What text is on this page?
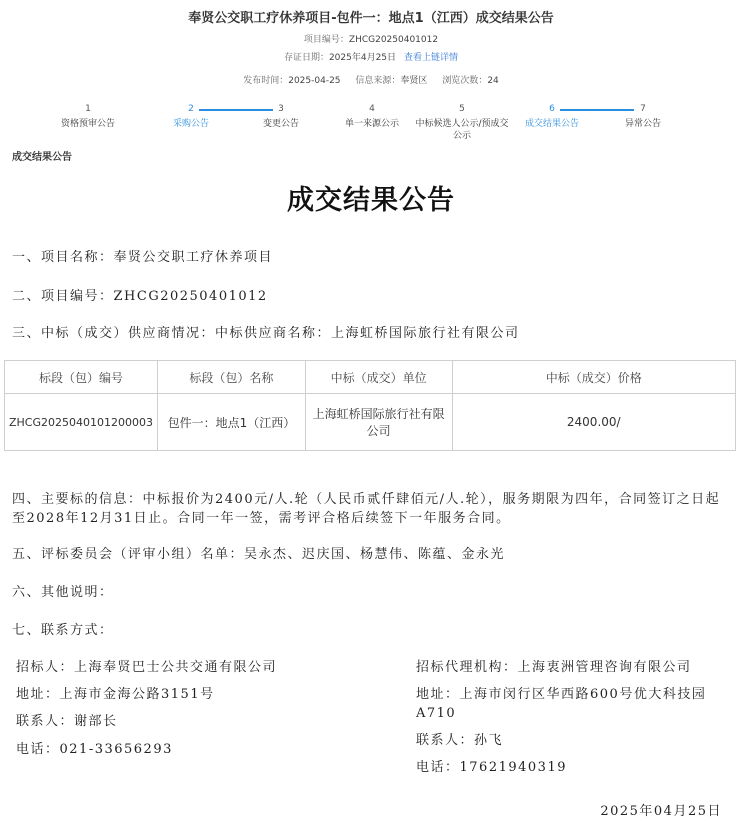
奉贤公交职工疗休养项目-包件一：地点1（江西）成交结果公告
项目编号：ZHCG20250401012
存证日期：2025年4月25日 查看上链详情
发布时间：2025-04-25 信息来源：奉贤区 浏览次数：24
1
资格预审公告
2
采购公告
3
变更公告
4
单一来源公示
5
中标候选人公示/预成交公示
6
成交结果公告
7
异常公告
成交结果公告
成交结果公告
一、项目名称：奉贤公交职工疗休养项目
二、项目编号：ZHCG20250401012
三、中标（成交）供应商情况：中标供应商名称：上海虹桥国际旅行社有限公司
标段（包）编号	标段（包）名称	中标（成交）单位	中标（成交）价格
ZHCG2025040101200003	包件一：地点1（江西）	上海虹桥国际旅行社有限公司	2400.00/
四、主要标的信息：中标报价为2400元/人.轮（人民币贰仟肆佰元/人.轮），服务期限为四年，合同签订之日起至2028年12月31日止。合同一年一签，需考评合格后续签下一年服务合同。
五、评标委员会（评审小组）名单：吴永杰、迟庆国、杨慧伟、陈蕴、金永光
六、其他说明：
七、联系方式：
招标人：上海奉贤巴士公共交通有限公司
地址：上海市金海公路3151号
联系人：谢部长
电话：021-33656293
招标代理机构：上海衷洲管理咨询有限公司
地址：上海市闵行区华西路600号优大科技园A710
联系人：孙飞
电话：17621940319
2025年04月25日
